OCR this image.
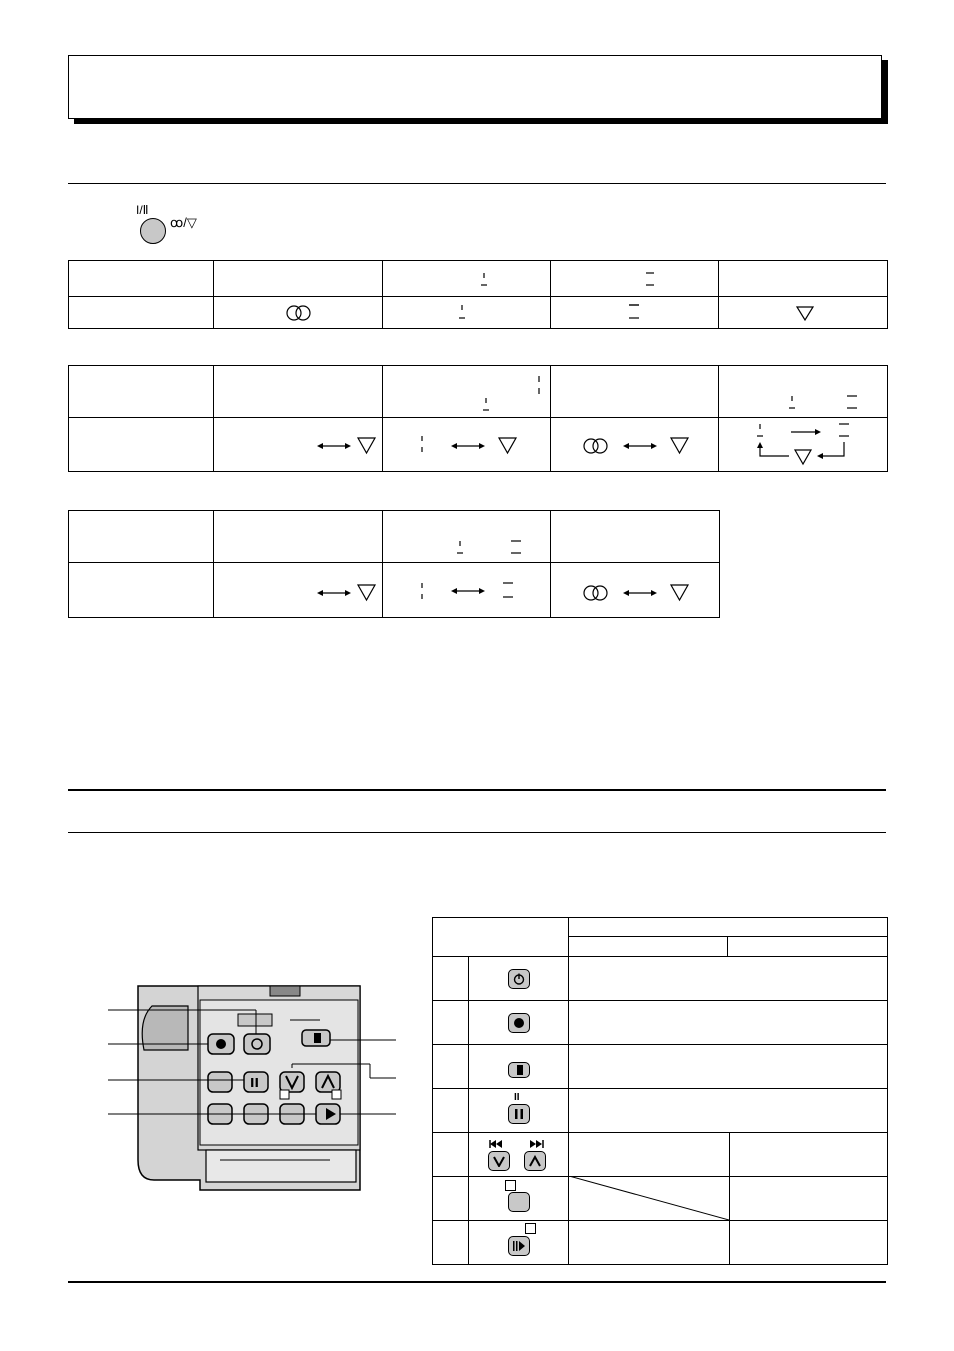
I/Ⅱ
ꝏ/▽
II
II
